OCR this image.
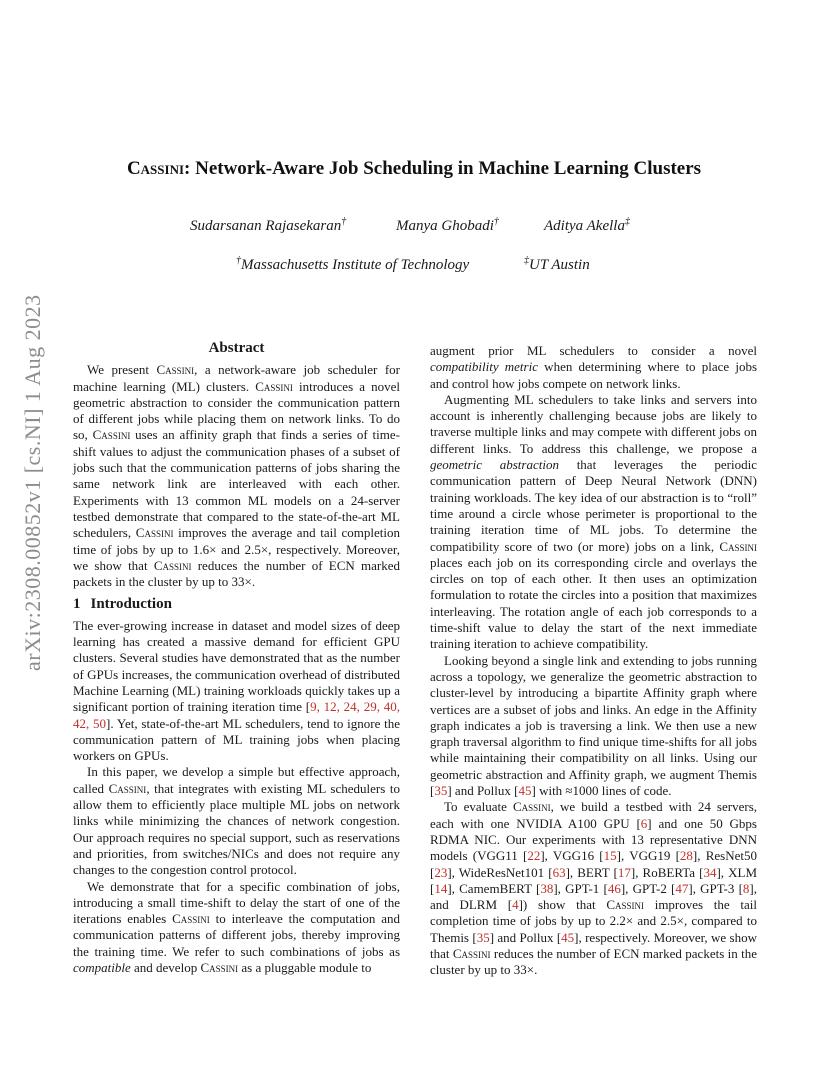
arXiv:2308.00852v1 [cs.NI] 1 Aug 2023
Cassini: Network-Aware Job Scheduling in Machine Learning Clusters
Sudarsanan Rajasekaran†	Manya Ghobadi†	Aditya Akella‡
†Massachusetts Institute of Technology	‡UT Austin
Abstract

We present Cassini, a network-aware job scheduler for machine learning (ML) clusters. Cassini introduces a novel geometric abstraction to consider the communication pattern of different jobs while placing them on network links. To do so, Cassini uses an affinity graph that finds a series of time-shift values to adjust the communication phases of a subset of jobs such that the communication patterns of jobs sharing the same network link are interleaved with each other. Experiments with 13 common ML models on a 24-server testbed demonstrate that compared to the state-of-the-art ML schedulers, Cassini improves the average and tail completion time of jobs by up to 1.6× and 2.5×, respectively. Moreover, we show that Cassini reduces the number of ECN marked packets in the cluster by up to 33×.

1 Introduction

The ever-growing increase in dataset and model sizes of deep learning has created a massive demand for efficient GPU clusters. Several studies have demonstrated that as the number of GPUs increases, the communication overhead of distributed Machine Learning (ML) training workloads quickly takes up a significant portion of training iteration time [9, 12, 24, 29, 40, 42, 50]. Yet, state-of-the-art ML schedulers, tend to ignore the communication pattern of ML training jobs when placing workers on GPUs.

In this paper, we develop a simple but effective approach, called Cassini, that integrates with existing ML schedulers to allow them to efficiently place multiple ML jobs on network links while minimizing the chances of network congestion. Our approach requires no special support, such as reservations and priorities, from switches/NICs and does not require any changes to the congestion control protocol.

We demonstrate that for a specific combination of jobs, introducing a small time-shift to delay the start of one of the iterations enables Cassini to interleave the computation and communication patterns of different jobs, thereby improving the training time. We refer to such combinations of jobs as compatible and develop Cassini as a pluggable module to

augment prior ML schedulers to consider a novel compatibility metric when determining where to place jobs and control how jobs compete on network links.

Augmenting ML schedulers to take links and servers into account is inherently challenging because jobs are likely to traverse multiple links and may compete with different jobs on different links. To address this challenge, we propose a geometric abstraction that leverages the periodic communication pattern of Deep Neural Network (DNN) training workloads. The key idea of our abstraction is to “roll” time around a circle whose perimeter is proportional to the training iteration time of ML jobs. To determine the compatibility score of two (or more) jobs on a link, Cassini places each job on its corresponding circle and overlays the circles on top of each other. It then uses an optimization formulation to rotate the circles into a position that maximizes interleaving. The rotation angle of each job corresponds to a time-shift value to delay the start of the next immediate training iteration to achieve compatibility.

Looking beyond a single link and extending to jobs running across a topology, we generalize the geometric abstraction to cluster-level by introducing a bipartite Affinity graph where vertices are a subset of jobs and links. An edge in the Affinity graph indicates a job is traversing a link. We then use a new graph traversal algorithm to find unique time-shifts for all jobs while maintaining their compatibility on all links. Using our geometric abstraction and Affinity graph, we augment Themis [35] and Pollux [45] with ≈1000 lines of code.

To evaluate Cassini, we build a testbed with 24 servers, each with one NVIDIA A100 GPU [6] and one 50 Gbps RDMA NIC. Our experiments with 13 representative DNN models (VGG11 [22], VGG16 [15], VGG19 [28], ResNet50 [23], WideResNet101 [63], BERT [17], RoBERTa [34], XLM [14], CamemBERT [38], GPT-1 [46], GPT-2 [47], GPT-3 [8], and DLRM [4]) show that Cassini improves the tail completion time of jobs by up to 2.2× and 2.5×, compared to Themis [35] and Pollux [45], respectively. Moreover, we show that Cassini reduces the number of ECN marked packets in the cluster by up to 33×.
